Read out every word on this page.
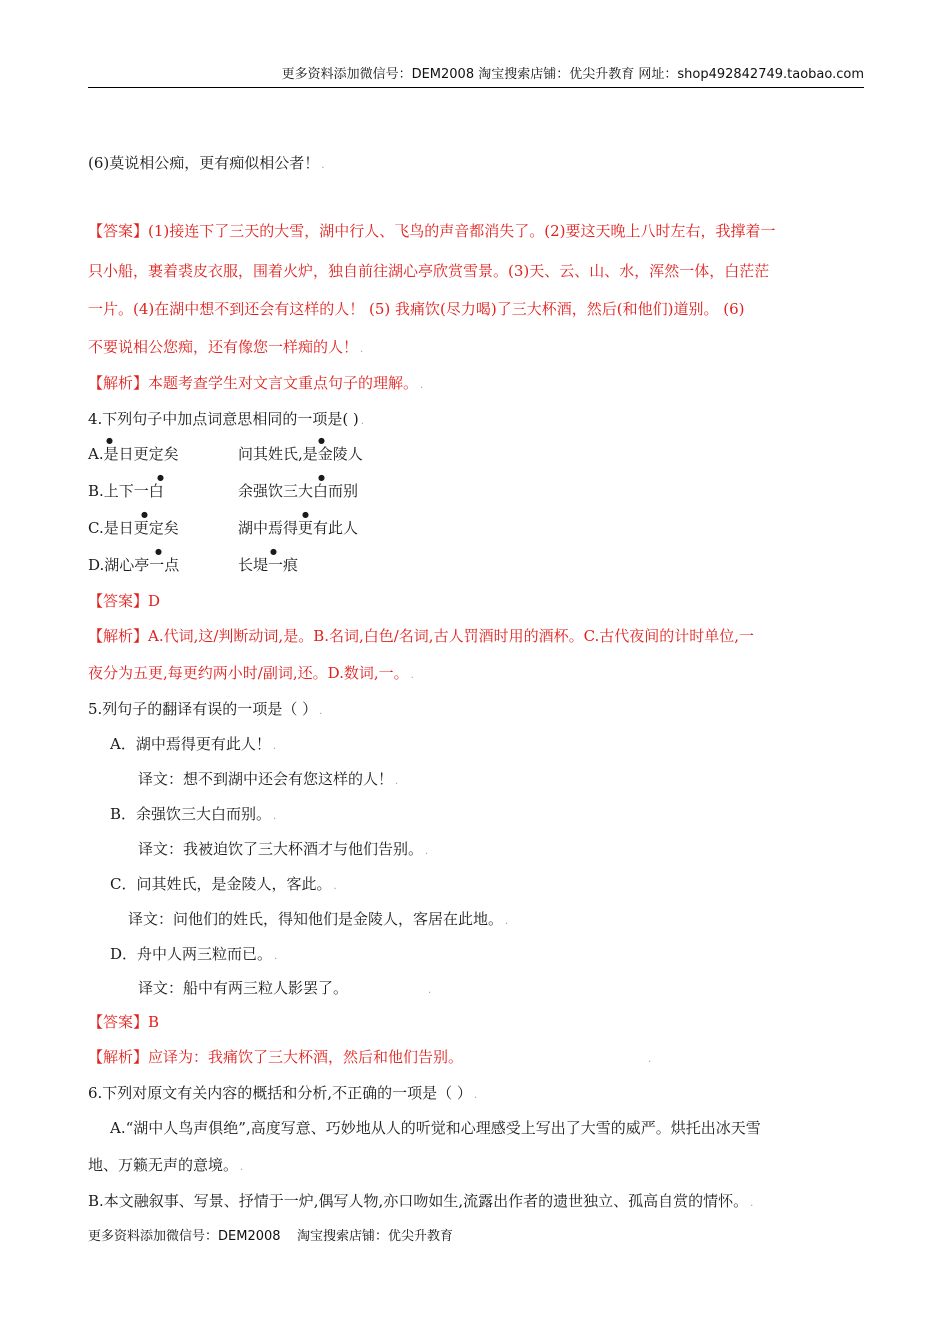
更多资料添加微信号：DEM2008 淘宝搜索店铺：优尖升教育 网址：shop492842749.taobao.com
(6)莫说相公痴，更有痴似相公者！ .
【答案】(1)接连下了三天的大雪，湖中行人、飞鸟的声音都消失了。(2)要这天晚上八时左右，我撑着一
只小船，裹着裘皮衣服，围着火炉，独自前往湖心亭欣赏雪景。(3)天、云、山、水，浑然一体，白茫茫
一片。(4)在湖中想不到还会有这样的人！ (5) 我痛饮(尽力喝)了三大杯酒，然后(和他们)道别。 (6)
不要说相公您痴，还有像您一样痴的人！ .
【解析】本题考查学生对文言文重点句子的理解。 .
4.下列句子中加点词意思相同的一项是( ) .
A.是日更定矣	问其姓氏,是金陵人
●	●
B.上下一白	余强饮三大白而别
●	●
C.是日更定矣	湖中焉得更有此人
●	●
D.湖心亭一点	长堤一痕
●	●
【答案】D
【解析】A.代词,这/判断动词,是。B.名词,白色/名词,古人罚酒时用的酒杯。C.古代夜间的计时单位,一
夜分为五更,每更约两小时/副词,还。D.数词,一。 .
5.列句子的翻译有误的一项是（ ） .
A．湖中焉得更有此人！ .
译文：想不到湖中还会有您这样的人！ .
B．余强饮三大白而别。 .
译文：我被迫饮了三大杯酒才与他们告别。 .
C．问其姓氏，是金陵人，客此。 .
译文：问他们的姓氏，得知他们是金陵人，客居在此地。 .
D．舟中人两三粒而已。 .
译文：船中有两三粒人影罢了。	.
【答案】B
【解析】应译为：我痛饮了三大杯酒，然后和他们告别。	.
6.下列对原文有关内容的概括和分析,不正确的一项是（ ） .
A.“湖中人鸟声俱绝”,高度写意、巧妙地从人的听觉和心理感受上写出了大雪的威严。烘托出冰天雪
地、万籁无声的意境。 .
B.本文融叙事、写景、抒情于一炉,偶写人物,亦口吻如生,流露出作者的遗世独立、孤高自赏的情怀。 .
更多资料添加微信号：DEM2008    淘宝搜索店铺：优尖升教育
